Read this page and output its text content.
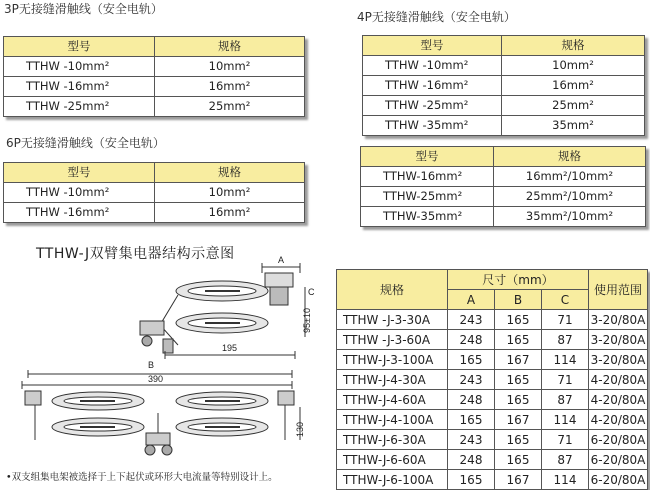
3P无接缝滑触线（安全电轨）
型号	规格
TTHW -10mm²	10mm²
TTHW -16mm²	16mm²
TTHW -25mm²	25mm²
4P无接缝滑触线（安全电轨）
型号	规格
TTHW -10mm²	10mm²
TTHW -16mm²	16mm²
TTHW -25mm²	25mm²
TTHW -35mm²	35mm²
6P无接缝滑触线（安全电轨）
型号	规格
TTHW -10mm²	10mm²
TTHW -16mm²	16mm²
型号	规格
TTHW-16mm²	16mm²/10mm²
TTHW-25mm²	25mm²/10mm²
TTHW-35mm²	35mm²/10mm²
TTHW-J双臂集电器结构示意图	A
195
B
390
C
95±10
130
•双支组集电架被选择于上下起伏或环形大电流量等特别设计上。
规格	尺寸（mm）			使用范围
	A	B	C	
TTHW -J-3-30A	243	165	71	3-20/80A
TTHW -J-3-60A	248	165	87	3-20/80A
TTHW-J-3-100A	165	167	114	3-20/80A
TTHW-J-4-30A	243	165	71	4-20/80A
TTHW-J-4-60A	248	165	87	4-20/80A
TTHW-J-4-100A	165	167	114	4-20/80A
TTHW-J-6-30A	243	165	71	6-20/80A
TTHW-J-6-60A	248	165	87	6-20/80A
TTHW-J-6-100A	165	167	114	6-20/80A
